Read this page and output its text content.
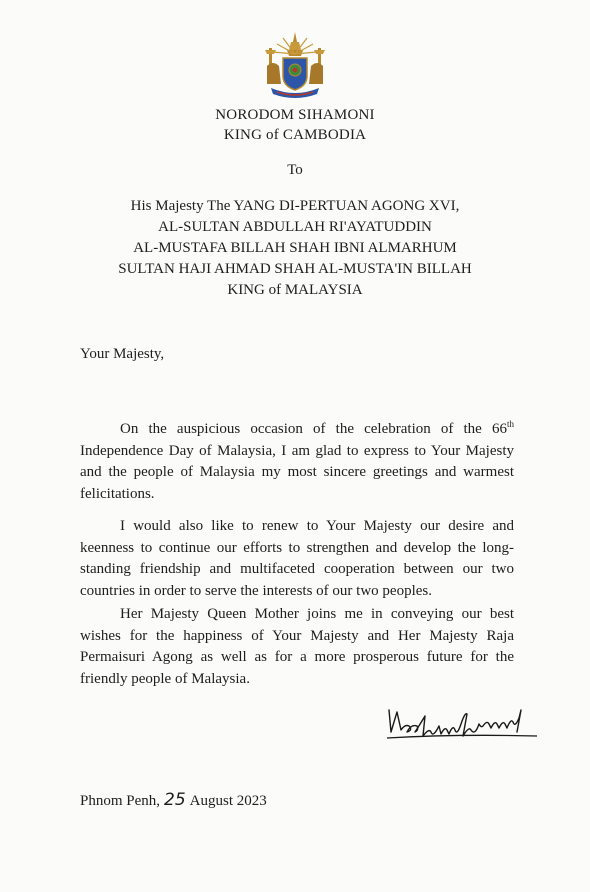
NORODOM SIHAMONI
KING of CAMBODIA
To
His Majesty The YANG DI-PERTUAN AGONG XVI,
AL-SULTAN ABDULLAH RI'AYATUDDIN
AL-MUSTAFA BILLAH SHAH IBNI ALMARHUM
SULTAN HAJI AHMAD SHAH AL-MUSTA'IN BILLAH
KING of MALAYSIA
Your Majesty,

On the auspicious occasion of the celebration of the 66th Independence Day of Malaysia, I am glad to express to Your Majesty and the people of Malaysia my most sincere greetings and warmest felicitations.

I would also like to renew to Your Majesty our desire and keenness to continue our efforts to strengthen and develop the long-standing friendship and multifaceted cooperation between our two countries in order to serve the interests of our two peoples.

Her Majesty Queen Mother joins me in conveying our best wishes for the happiness of Your Majesty and Her Majesty Raja Permaisuri Agong as well as for a more prosperous future for the friendly people of Malaysia.

Phnom Penh, 25 August 2023
